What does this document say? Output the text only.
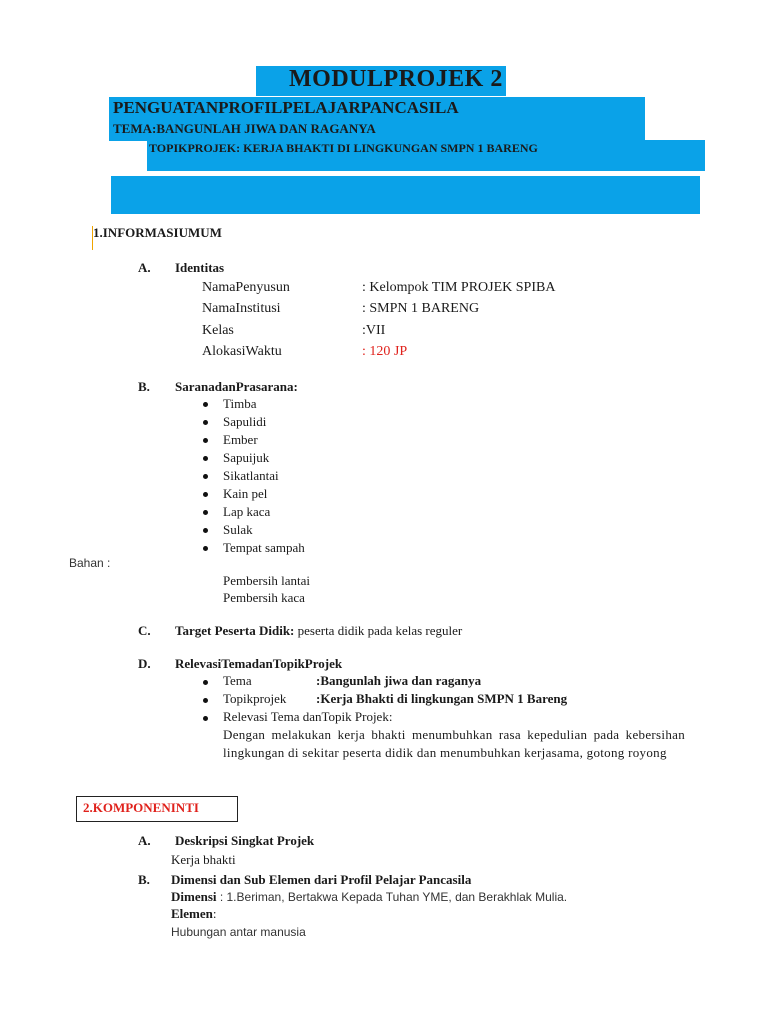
MODULPROJEK 2
PENGUATANPROFILPELAJARPANCASILA
TEMA:BANGUNLAH JIWA DAN RAGANYA
TOPIKPROJEK: KERJA BHAKTI DI LINGKUNGAN SMPN 1 BARENG
1.INFORMASIUMUM
A. Identitas
NamaPenyusun	: Kelompok TIM PROJEK SPIBA
NamaInstitusi	: SMPN 1 BARENG
Kelas	:VII
AlokasiWaktu	: 120 JP
B. SaranadanPrasarana:
Timba
Sapulidi
Ember
Sapuijuk
Sikatlantai
Kain pel
Lap kaca
Sulak
Tempat sampah
Bahan :
Pembersih lantai
Pembersih kaca
C. Target Peserta Didik: peserta didik pada kelas reguler
D. RelevasiTemadanTopikProjek
Tema	:Bangunlah jiwa dan raganya
Topikprojek :Kerja Bhakti di lingkungan SMPN 1 Bareng
Relevasi Tema danTopik Projek:
Dengan melakukan kerja bhakti menumbuhkan rasa kepedulian pada kebersihan lingkungan di sekitar peserta didik dan menumbuhkan kerjasama, gotong royong
2.KOMPONENINTI
A. Deskripsi Singkat Projek
Kerja bhakti
B. Dimensi dan Sub Elemen dari Profil Pelajar Pancasila
Dimensi : 1.Beriman, Bertakwa Kepada Tuhan YME, dan Berakhlak Mulia.
Elemen:
Hubungan antar manusia
